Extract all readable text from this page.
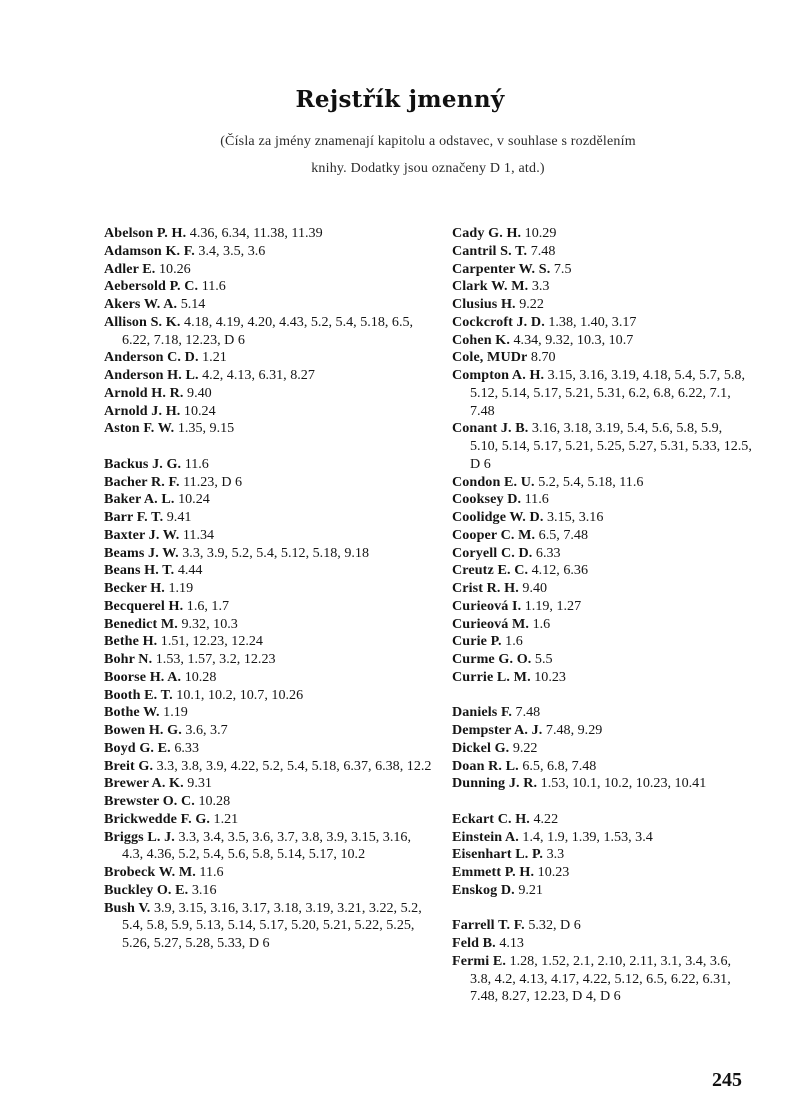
Rejstřík jmenný
(Čísla za jmény znamenají kapitolu a odstavec, v souhlase s rozdělením
knihy. Dodatky jsou označeny D 1, atd.)
Abelson P. H. 4.36, 6.34, 11.38, 11.39
Adamson K. F. 3.4, 3.5, 3.6
Adler E. 10.26
Aebersold P. C. 11.6
Akers W. A. 5.14
Allison S. K. 4.18, 4.19, 4.20, 4.43, 5.2, 5.4, 5.18, 6.5, 6.22, 7.18, 12.23, D 6
Anderson C. D. 1.21
Anderson H. L. 4.2, 4.13, 6.31, 8.27
Arnold H. R. 9.40
Arnold J. H. 10.24
Aston F. W. 1.35, 9.15
Backus J. G. 11.6
Bacher R. F. 11.23, D 6
Baker A. L. 10.24
Barr F. T. 9.41
Baxter J. W. 11.34
Beams J. W. 3.3, 3.9, 5.2, 5.4, 5.12, 5.18, 9.18
Beans H. T. 4.44
Becker H. 1.19
Becquerel H. 1.6, 1.7
Benedict M. 9.32, 10.3
Bethe H. 1.51, 12.23, 12.24
Bohr N. 1.53, 1.57, 3.2, 12.23
Boorse H. A. 10.28
Booth E. T. 10.1, 10.2, 10.7, 10.26
Bothe W. 1.19
Bowen H. G. 3.6, 3.7
Boyd G. E. 6.33
Breit G. 3.3, 3.8, 3.9, 4.22, 5.2, 5.4, 5.18, 6.37, 6.38, 12.2
Brewer A. K. 9.31
Brewster O. C. 10.28
Brickwedde F. G. 1.21
Briggs L. J. 3.3, 3.4, 3.5, 3.6, 3.7, 3.8, 3.9, 3.15, 3.16, 4.3, 4.36, 5.2, 5.4, 5.6, 5.8, 5.14, 5.17, 10.2
Brobeck W. M. 11.6
Buckley O. E. 3.16
Bush V. 3.9, 3.15, 3.16, 3.17, 3.18, 3.19, 3.21, 3.22, 5.2, 5.4, 5.8, 5.9, 5.13, 5.14, 5.17, 5.20, 5.21, 5.22, 5.25, 5.26, 5.27, 5.28, 5.33, D 6
Cady G. H. 10.29
Cantril S. T. 7.48
Carpenter W. S. 7.5
Clark W. M. 3.3
Clusius H. 9.22
Cockcroft J. D. 1.38, 1.40, 3.17
Cohen K. 4.34, 9.32, 10.3, 10.7
Cole, MUDr 8.70
Compton A. H. 3.15, 3.16, 3.19, 4.18, 5.4, 5.7, 5.8, 5.12, 5.14, 5.17, 5.21, 5.31, 6.2, 6.8, 6.22, 7.1, 7.48
Conant J. B. 3.16, 3.18, 3.19, 5.4, 5.6, 5.8, 5.9, 5.10, 5.14, 5.17, 5.21, 5.25, 5.27, 5.31, 5.33, 12.5, D 6
Condon E. U. 5.2, 5.4, 5.18, 11.6
Cooksey D. 11.6
Coolidge W. D. 3.15, 3.16
Cooper C. M. 6.5, 7.48
Coryell C. D. 6.33
Creutz E. C. 4.12, 6.36
Crist R. H. 9.40
Curieová I. 1.19, 1.27
Curieová M. 1.6
Curie P. 1.6
Curme G. O. 5.5
Currie L. M. 10.23
Daniels F. 7.48
Dempster A. J. 7.48, 9.29
Dickel G. 9.22
Doan R. L. 6.5, 6.8, 7.48
Dunning J. R. 1.53, 10.1, 10.2, 10.23, 10.41
Eckart C. H. 4.22
Einstein A. 1.4, 1.9, 1.39, 1.53, 3.4
Eisenhart L. P. 3.3
Emmett P. H. 10.23
Enskog D. 9.21
Farrell T. F. 5.32, D 6
Feld B. 4.13
Fermi E. 1.28, 1.52, 2.1, 2.10, 2.11, 3.1, 3.4, 3.6, 3.8, 4.2, 4.13, 4.17, 4.22, 5.12, 6.5, 6.22, 6.31, 7.48, 8.27, 12.23, D 4, D 6
245
